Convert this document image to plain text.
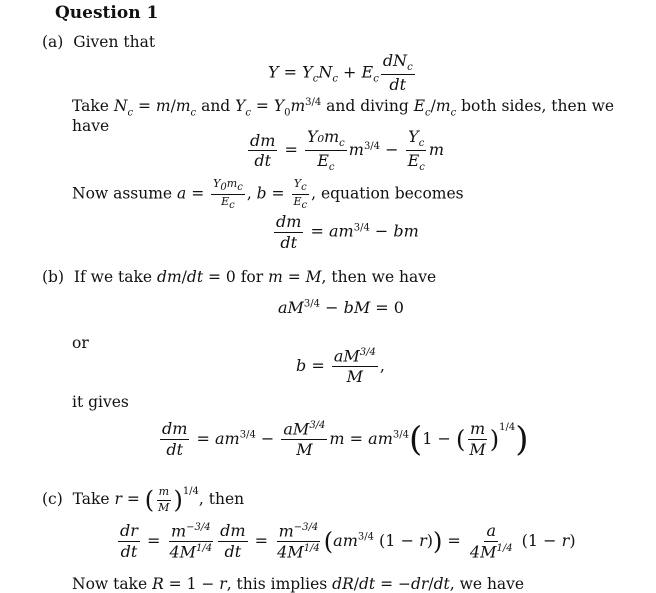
Question 1
(a) Given that
$Y = Y_cN_c + E_c \frac{dN_c}{dt}$
Take $N_c = m/m_c$ and $Y_c = Y_0m^{3/4}$ and diving $E_c/m_c$ both sides, then we
have
$\frac{dm}{dt} = \frac{Y_0m_c}{E_c} m^{3/4} - \frac{Y_c}{E_c}$ m
Now assume $a = \frac{Y_0m_c}{E_c}$ , $b = \frac{Y_c}{E_c}$ , equation becomes
$\frac{dm}{dt} = am^{3/4}$ − bm
(b) If we take dm/dt = 0 for m = M, then we have
$aM^{3/4}$ − bM = 0
or
$b = \frac{aM^{3/4}}{M}$ ,
it gives
$\frac{dm}{dt} = am^{3/4} - \frac{aM^{3/4}}{M}$ $m = am^{3/4}(1$ − ( $\frac{m}{M} )^{1/4}$)
(c) Take r = ( $\frac{m}{M} )^{1/4}$, then
$\frac{dr}{dt} = \frac{m^{-3/4}}{4M^{1/4}} \frac{dm}{dt} = \frac{m^{-3/4}}{4M^{1/4}} (am^{3/4}$ $(1 - r)) = \frac{a}{4M^{1/4}} (1 - r)$
Now take R = 1 − r, this implies dR/dt = −dr/dt, we have
